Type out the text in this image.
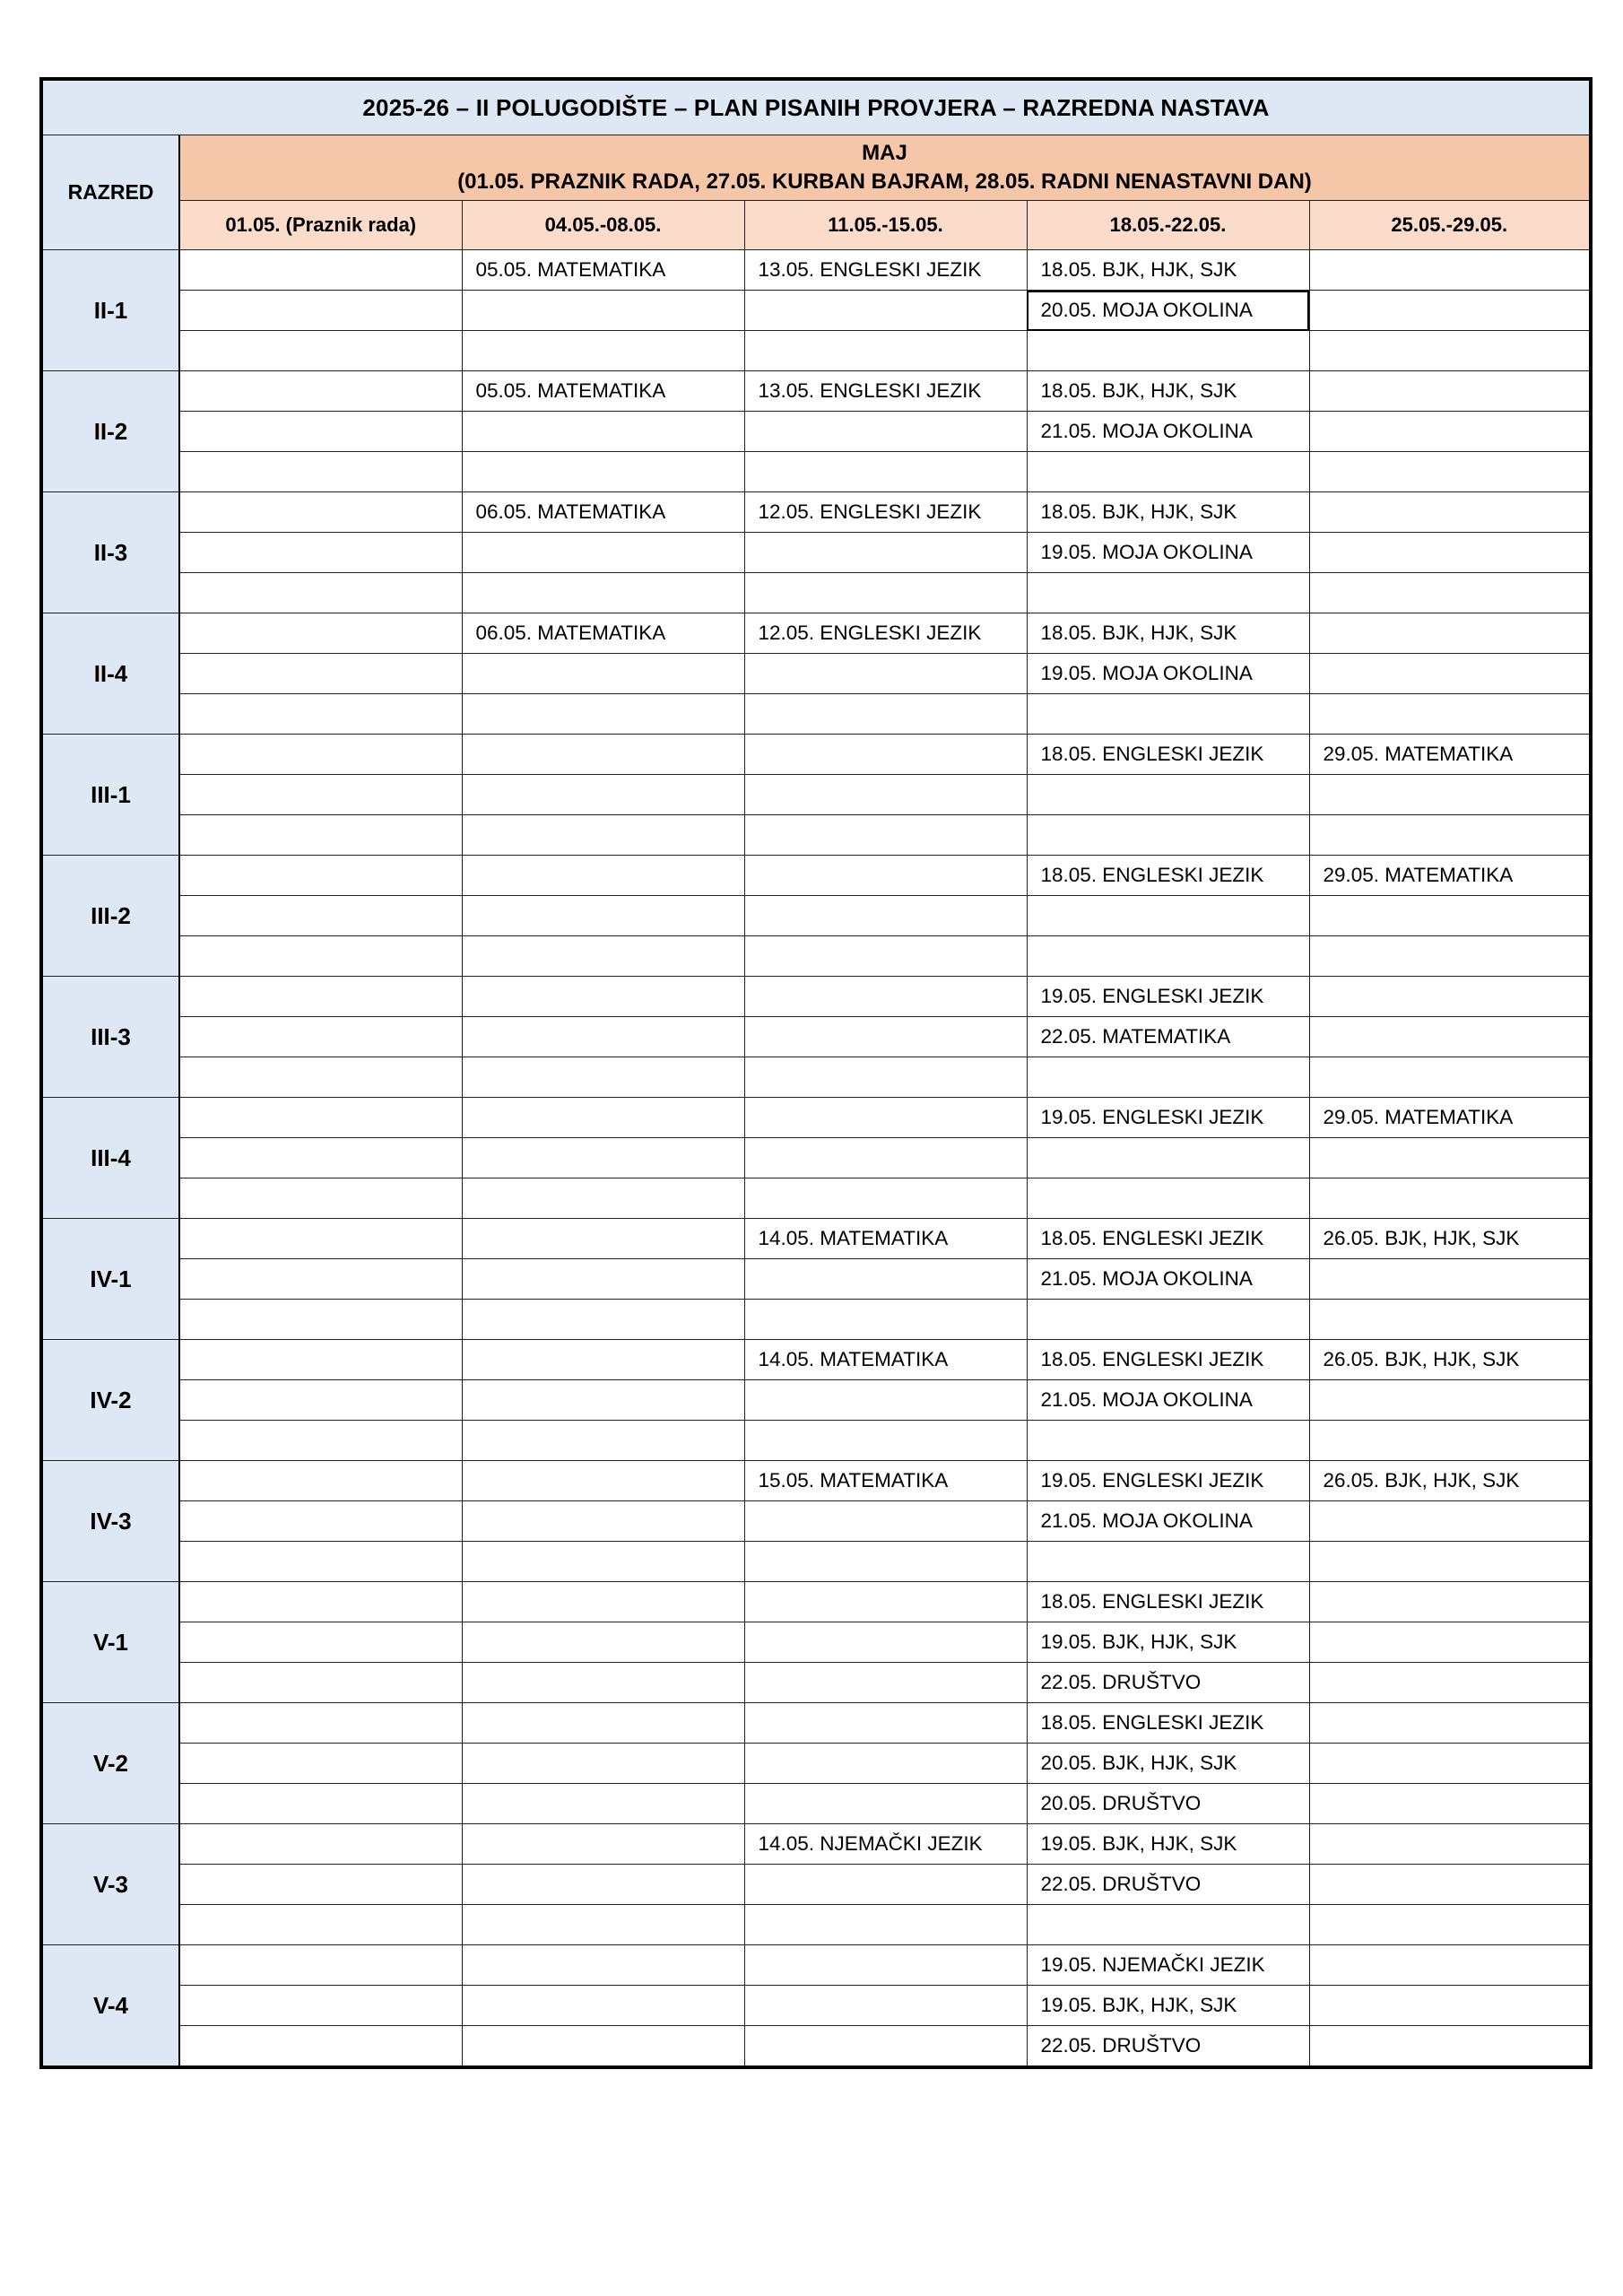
2025-26 – II POLUGODIŠTE – PLAN PISANIH PROVJERA – RAZREDNA NASTAVA					
RAZRED	MAJ
(01.05. PRAZNIK RADA, 27.05. KURBAN BAJRAM, 28.05. RADNI NENASTAVNI DAN)				

	01.05. (Praznik rada)	04.05.-08.05.	11.05.-15.05.	18.05.-22.05.	25.05.-29.05.
II-1		05.05. MATEMATIKA	13.05. ENGLESKI JEZIK	18.05. BJK, HJK, SJK	
				20.05. MOJA OKOLINA	

II-2		05.05. MATEMATIKA	13.05. ENGLESKI JEZIK	18.05. BJK, HJK, SJK	
				21.05. MOJA OKOLINA	

II-3		06.05. MATEMATIKA	12.05. ENGLESKI JEZIK	18.05. BJK, HJK, SJK	
				19.05. MOJA OKOLINA	

II-4		06.05. MATEMATIKA	12.05. ENGLESKI JEZIK	18.05. BJK, HJK, SJK	
				19.05. MOJA OKOLINA	

III-1				18.05. ENGLESKI JEZIK	29.05. MATEMATIKA

III-2				18.05. ENGLESKI JEZIK	29.05. MATEMATIKA

III-3				19.05. ENGLESKI JEZIK	
				22.05. MATEMATIKA	

III-4				19.05. ENGLESKI JEZIK	29.05. MATEMATIKA

IV-1			14.05. MATEMATIKA	18.05. ENGLESKI JEZIK	26.05. BJK, HJK, SJK
				21.05. MOJA OKOLINA	

IV-2			14.05. MATEMATIKA	18.05. ENGLESKI JEZIK	26.05. BJK, HJK, SJK
				21.05. MOJA OKOLINA	

IV-3			15.05. MATEMATIKA	19.05. ENGLESKI JEZIK	26.05. BJK, HJK, SJK
				21.05. MOJA OKOLINA	

V-1				18.05. ENGLESKI JEZIK	
				19.05. BJK, HJK, SJK	
				22.05. DRUŠTVO	
V-2				18.05. ENGLESKI JEZIK	
				20.05. BJK, HJK, SJK	
				20.05. DRUŠTVO	
V-3			14.05. NJEMAČKI JEZIK	19.05. BJK, HJK, SJK	
				22.05. DRUŠTVO	

V-4				19.05. NJEMAČKI JEZIK	
				19.05. BJK, HJK, SJK	
				22.05. DRUŠTVO	
